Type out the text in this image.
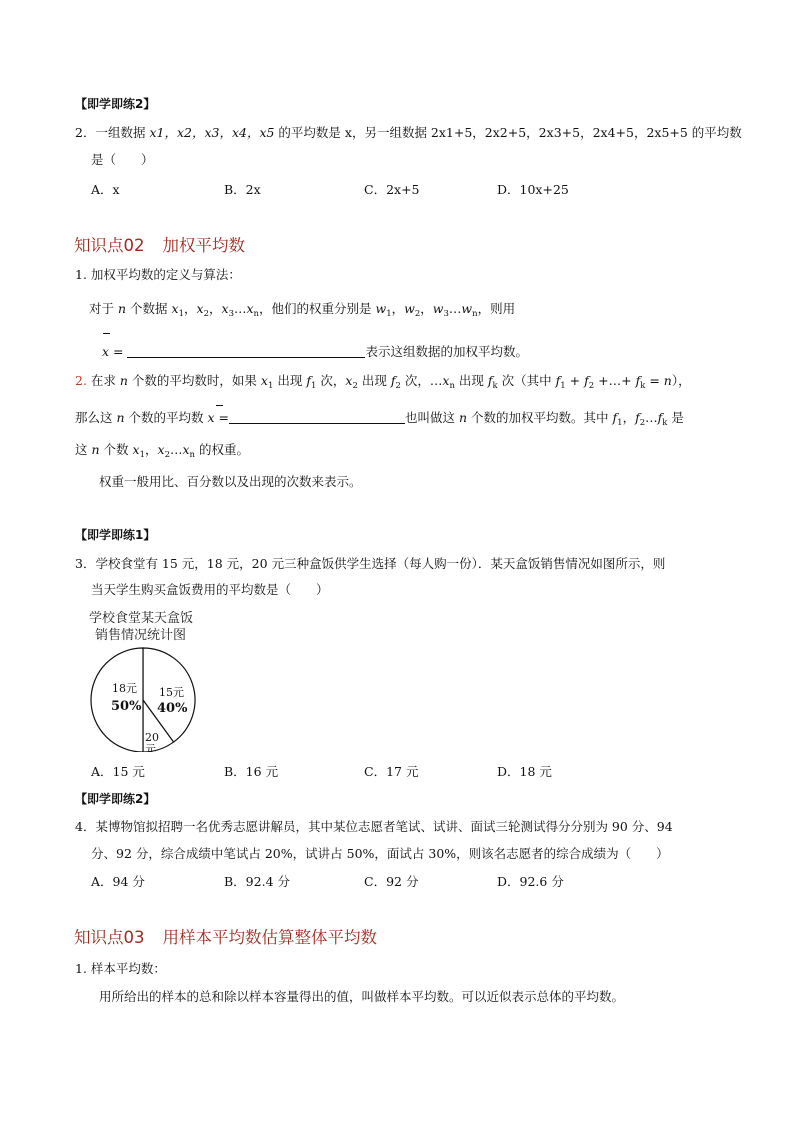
【即学即练2】
2．一组数据 x1，x2，x3，x4，x5 的平均数是 x，另一组数据 2x1+5，2x2+5，2x3+5，2x4+5，2x5+5 的平均数
是（　　）
A．x	B．2x	C．2x+5	D．10x+25
知识点02 加权平均数
1. 加权平均数的定义与算法：
对于 n 个数据 $x_1$，$x_2$，$x_3\dots x_n$，他们的权重分别是 $w_1$，$w_2$，$w_3\dots w_n$，则用
x =	表示这组数据的加权平均数。
2. 在求 n 个数的平均数时，如果 $x_1$ 出现 $f_1$ 次，$x_2$ 出现 $f_2$ 次，$\dots x_n$ 出现 $f_k$ 次（其中 $f_1 + f_2$ +…+ $f_k = n$），
那么这 n 个数的平均数 x =	也叫做这 n 个数的加权平均数。其中 $f_1$，$f_2\dots f_k$ 是
这 n 个数 $x_1$，$x_2\dots x_n$ 的权重。
权重一般用比、百分数以及出现的次数来表示。
【即学即练1】
3．学校食堂有 15 元，18 元，20 元三种盒饭供学生选择（每人购一份）．某天盒饭销售情况如图所示，则
当天学生购买盒饭费用的平均数是（　　）
学校食堂某天盒饭
销售情况统计图
18元
50%
15元
40%
20
元
A．15 元	B．16 元	C．17 元	D．18 元
【即学即练2】
4．某博物馆拟招聘一名优秀志愿讲解员，其中某位志愿者笔试、试讲、面试三轮测试得分分别为 90 分、94
分、92 分，综合成绩中笔试占 20%，试讲占 50%，面试占 30%，则该名志愿者的综合成绩为（　　）
A．94 分	B．92.4 分	C．92 分	D．92.6 分
知识点03 用样本平均数估算整体平均数
1. 样本平均数：
用所给出的样本的总和除以样本容量得出的值，叫做样本平均数。可以近似表示总体的平均数。
